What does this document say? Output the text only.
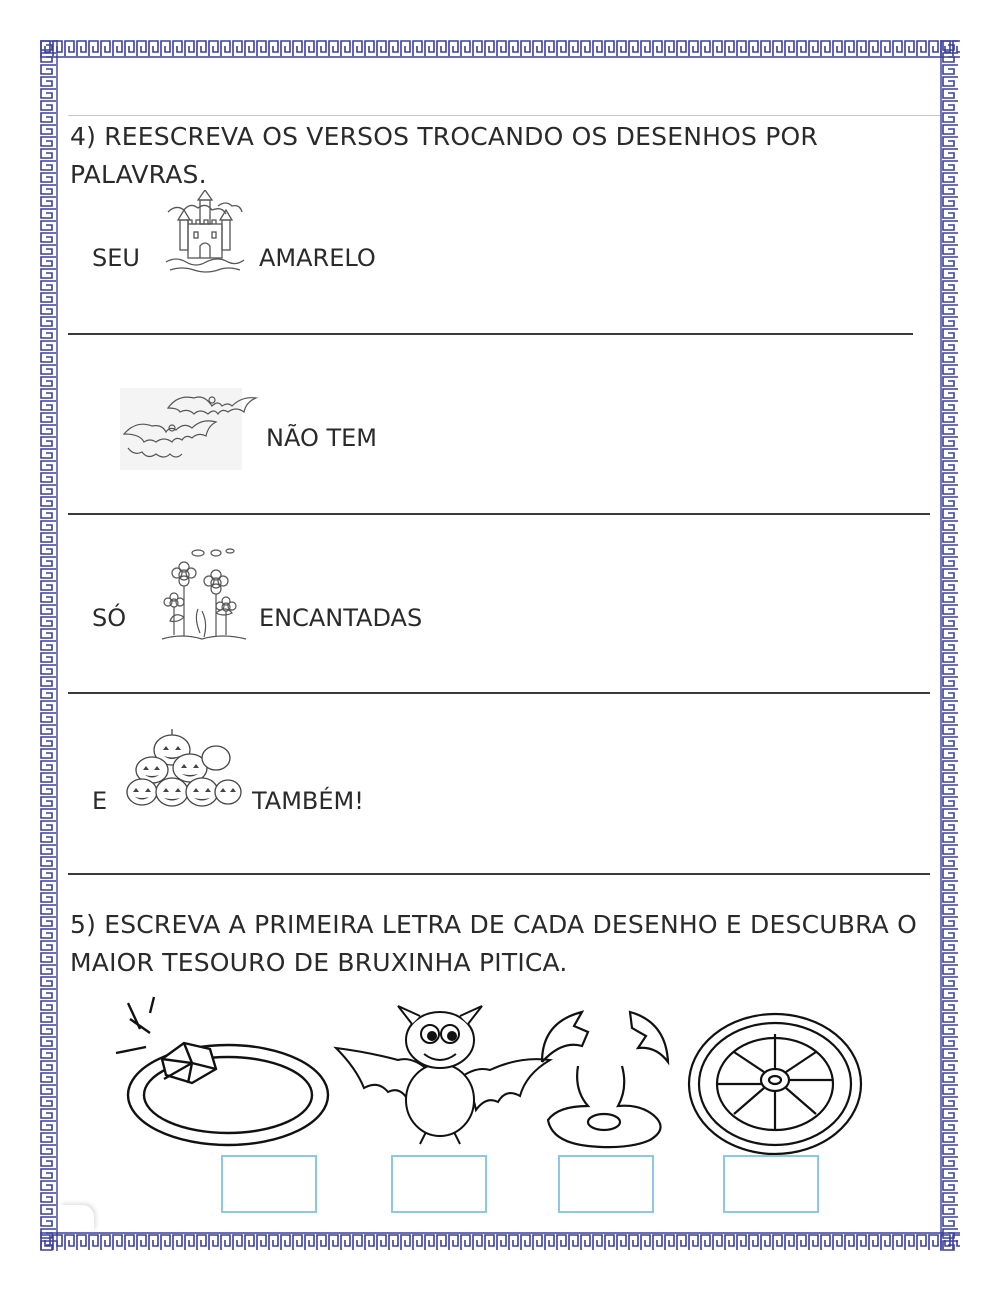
4) REESCREVA OS VERSOS TROCANDO OS DESENHOS POR PALAVRAS.
SEU	AMARELO
NÃO TEM
SÓ	ENCANTADAS
E	TAMBÉM!
5) ESCREVA A PRIMEIRA LETRA DE CADA DESENHO E DESCUBRA O MAIOR TESOURO DE BRUXINHA PITICA.
